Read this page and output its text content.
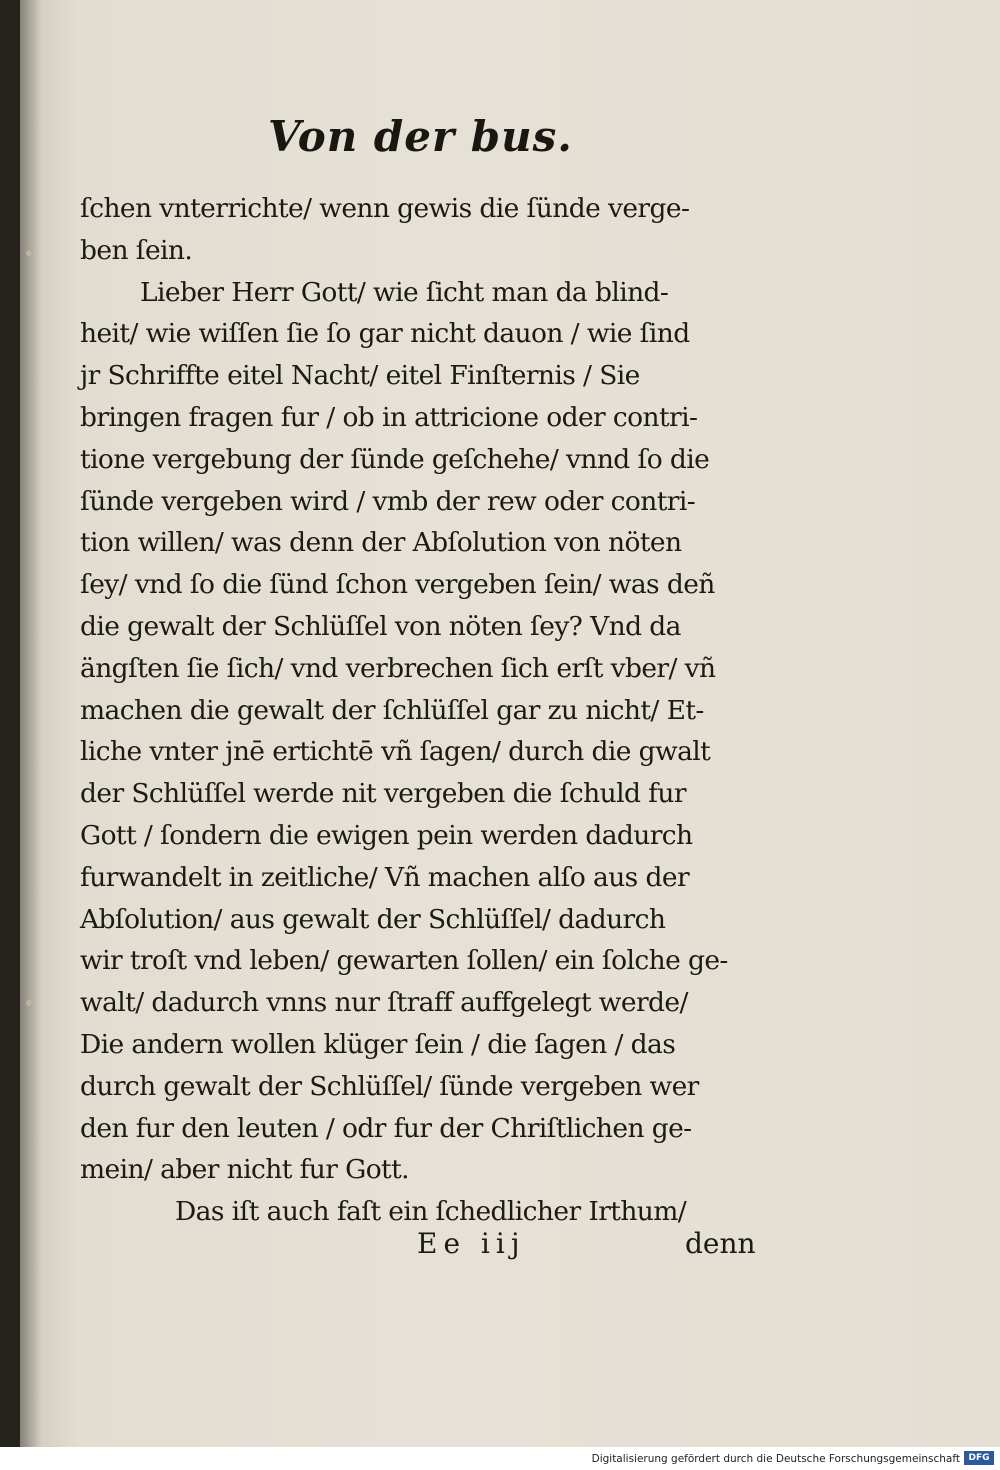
Von der bus.
ſchen vnterrichte/ wenn gewis die ſünde verge-
ben ſein.
Lieber Herr Gott/ wie ſicht man da blind-
heit/ wie wiſſen ſie ſo gar nicht dauon / wie ſind
jr Schriffte eitel Nacht/ eitel Finſternis / Sie
bringen fragen fur / ob in attricione oder contri-
tione vergebung der ſünde geſchehe/ vnnd ſo die
ſünde vergeben wird / vmb der rew oder contri-
tion willen/ was denn der Abſolution von nöten
ſey/ vnd ſo die ſünd ſchon vergeben ſein/ was deñ
die gewalt der Schlüſſel von nöten ſey? Vnd da
ängſten ſie ſich/ vnd verbrechen ſich erſt vber/ vñ
machen die gewalt der ſchlüſſel gar zu nicht/ Et-
liche vnter jnē ertichtē vñ ſagen/ durch die gwalt
der Schlüſſel werde nit vergeben die ſchuld fur
Gott / ſondern die ewigen pein werden dadurch
furwandelt in zeitliche/ Vñ machen alſo aus der
Abſolution/ aus gewalt der Schlüſſel/ dadurch
wir troſt vnd leben/ gewarten ſollen/ ein ſolche ge-
walt/ dadurch vnns nur ſtraff auffgelegt werde/
Die andern wollen klüger ſein / die ſagen / das
durch gewalt der Schlüſſel/ ſünde vergeben wer
den fur den leuten / odr fur der Chriſtlichen ge-
mein/ aber nicht fur Gott.
Das iſt auch faſt ein ſchedlicher Irthum/
Ee iij	denn
Digitalisierung gefördert durch die Deutsche Forschungsgemeinschaft DFG
